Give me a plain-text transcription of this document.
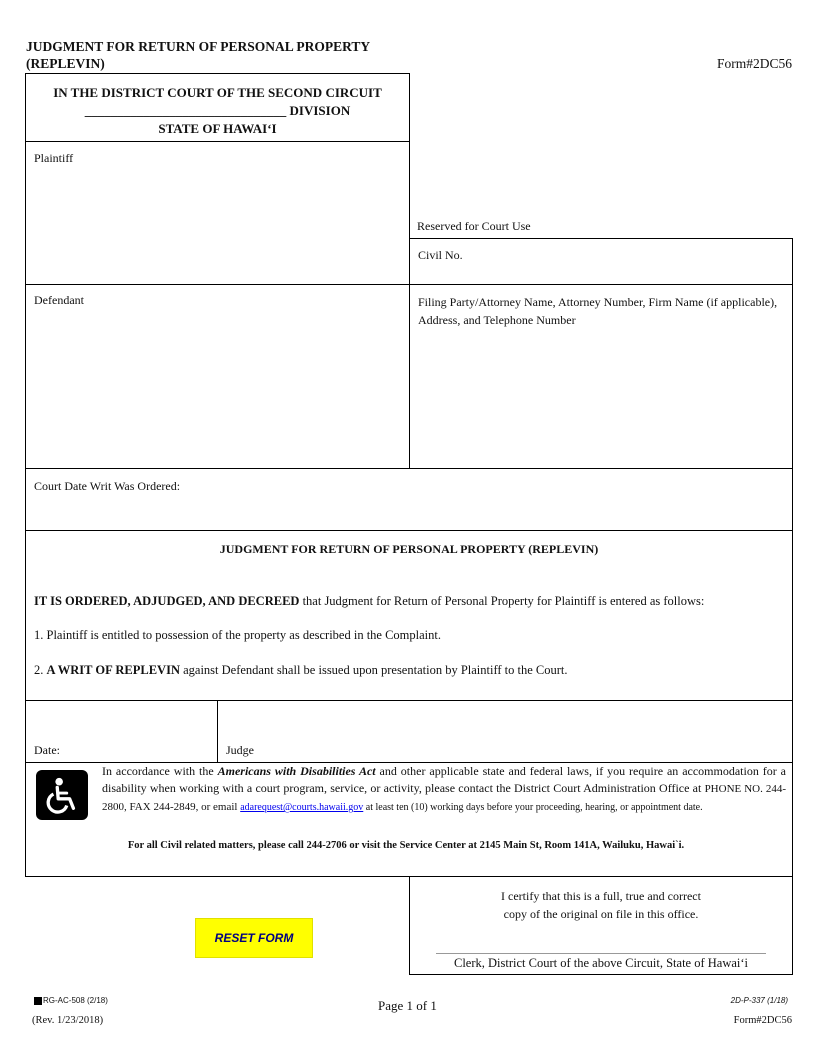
JUDGMENT FOR RETURN OF PERSONAL PROPERTY
(REPLEVIN)	Form#2DC56
IN THE DISTRICT COURT OF THE SECOND CIRCUIT
_______________________________ DIVISION
STATE OF HAWAI‘I
Plaintiff
Reserved for Court Use
Civil No.
Defendant	Filing Party/Attorney Name, Attorney Number, Firm Name (if applicable), Address, and Telephone Number
Court Date Writ Was Ordered:
JUDGMENT FOR RETURN OF PERSONAL PROPERTY (REPLEVIN)
IT IS ORDERED, ADJUDGED, AND DECREED that Judgment for Return of Personal Property for Plaintiff is entered as follows:
1. Plaintiff is entitled to possession of the property as described in the Complaint.
2. A WRIT OF REPLEVIN against Defendant shall be issued upon presentation by Plaintiff to the Court.
Date:	Judge
In accordance with the Americans with Disabilities Act and other applicable state and federal laws, if you require an accommodation for a disability when working with a court program, service, or activity, please contact the District Court Administration Office at PHONE NO. 244-2800, FAX 244-2849, or email adarequest@courts.hawaii.gov at least ten (10) working days before your proceeding, hearing, or appointment date.
For all Civil related matters, please call 244-2706 or visit the Service Center at 2145 Main St, Room 141A, Wailuku, Hawai`i.
I certify that this is a full, true and correct
copy of the original on file in this office.
Clerk, District Court of the above Circuit, State of Hawai‘i
RESET FORM
RG-AC-508 (2/18)
(Rev. 1/23/2018)
Page 1 of 1	2D-P-337 (1/18)
Form#2DC56
